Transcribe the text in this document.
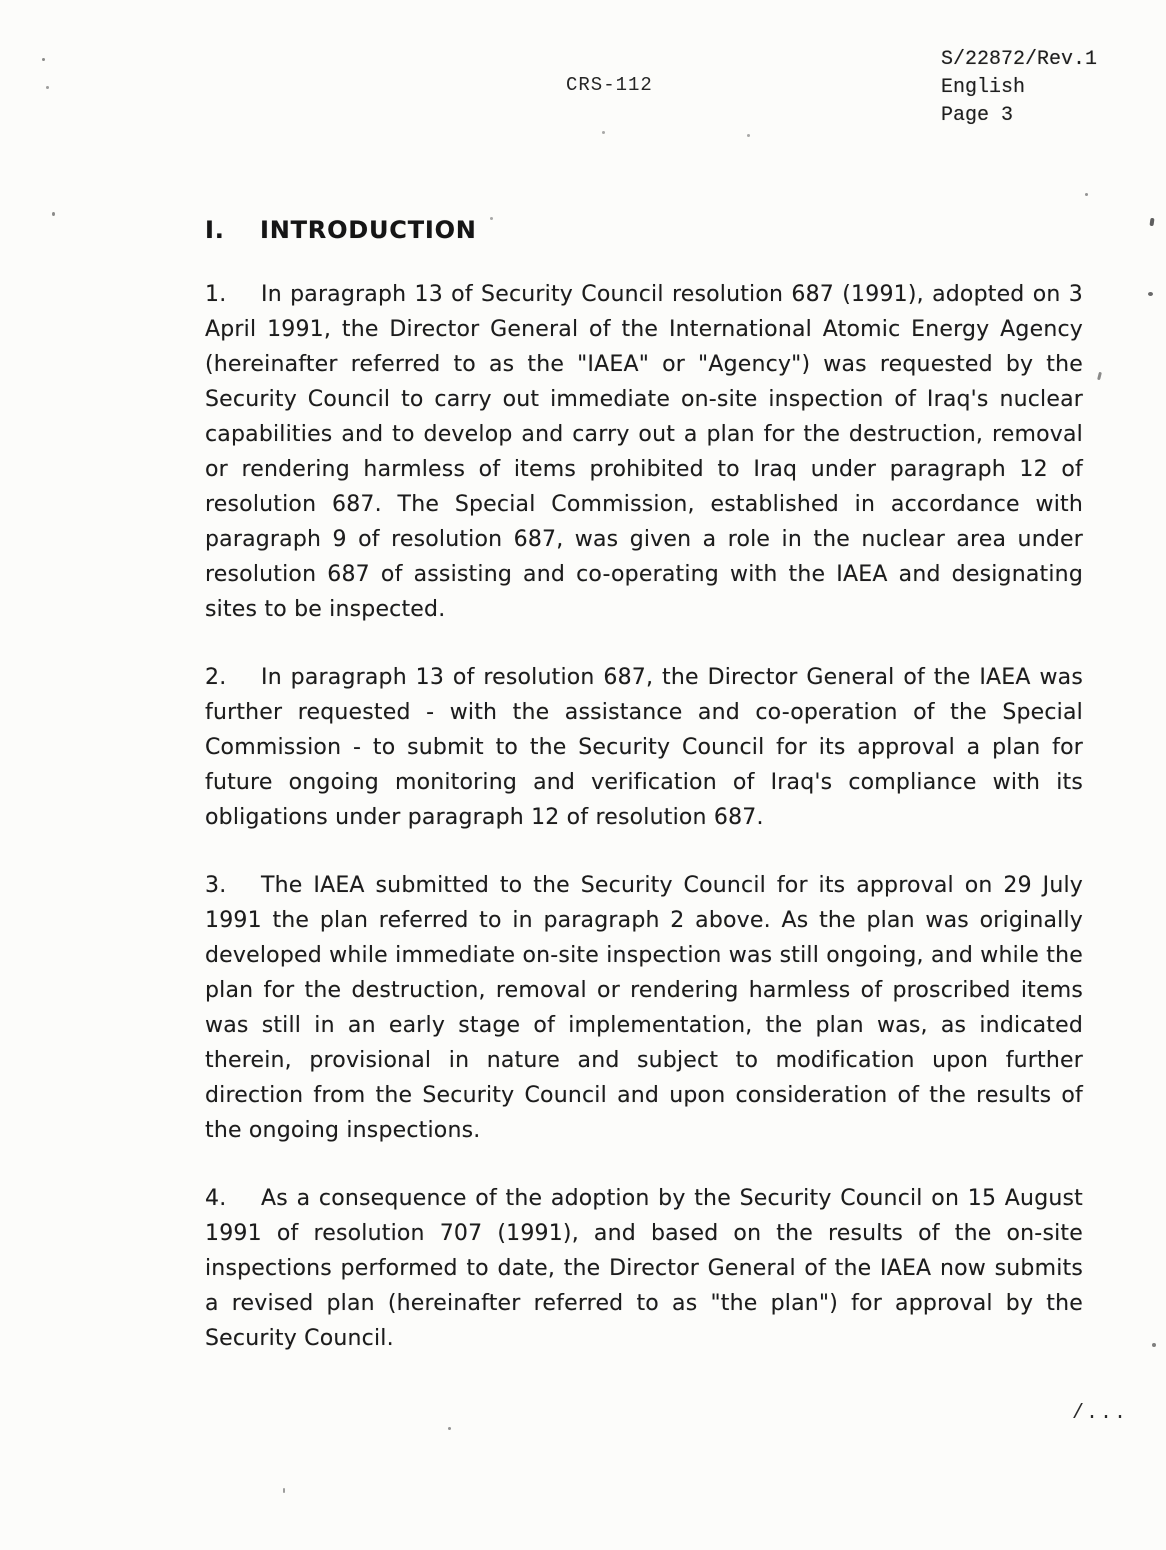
CRS-112
S/22872/Rev.1
English
Page 3
I. INTRODUCTION

1. In paragraph 13 of Security Council resolution 687 (1991), adopted on 3 April 1991, the Director General of the International Atomic Energy Agency (hereinafter referred to as the "IAEA" or "Agency") was requested by the Security Council to carry out immediate on-site inspection of Iraq's nuclear capabilities and to develop and carry out a plan for the destruction, removal or rendering harmless of items prohibited to Iraq under paragraph 12 of resolution 687. The Special Commission, established in accordance with paragraph 9 of resolution 687, was given a role in the nuclear area under resolution 687 of assisting and co-operating with the IAEA and designating sites to be inspected.

2. In paragraph 13 of resolution 687, the Director General of the IAEA was further requested - with the assistance and co-operation of the Special Commission - to submit to the Security Council for its approval a plan for future ongoing monitoring and verification of Iraq's compliance with its obligations under paragraph 12 of resolution 687.

3. The IAEA submitted to the Security Council for its approval on 29 July 1991 the plan referred to in paragraph 2 above. As the plan was originally developed while immediate on-site inspection was still ongoing, and while the plan for the destruction, removal or rendering harmless of proscribed items was still in an early stage of implementation, the plan was, as indicated therein, provisional in nature and subject to modification upon further direction from the Security Council and upon consideration of the results of the ongoing inspections.

4. As a consequence of the adoption by the Security Council on 15 August 1991 of resolution 707 (1991), and based on the results of the on-site inspections performed to date, the Director General of the IAEA now submits a revised plan (hereinafter referred to as "the plan") for approval by the Security Council.

/...
